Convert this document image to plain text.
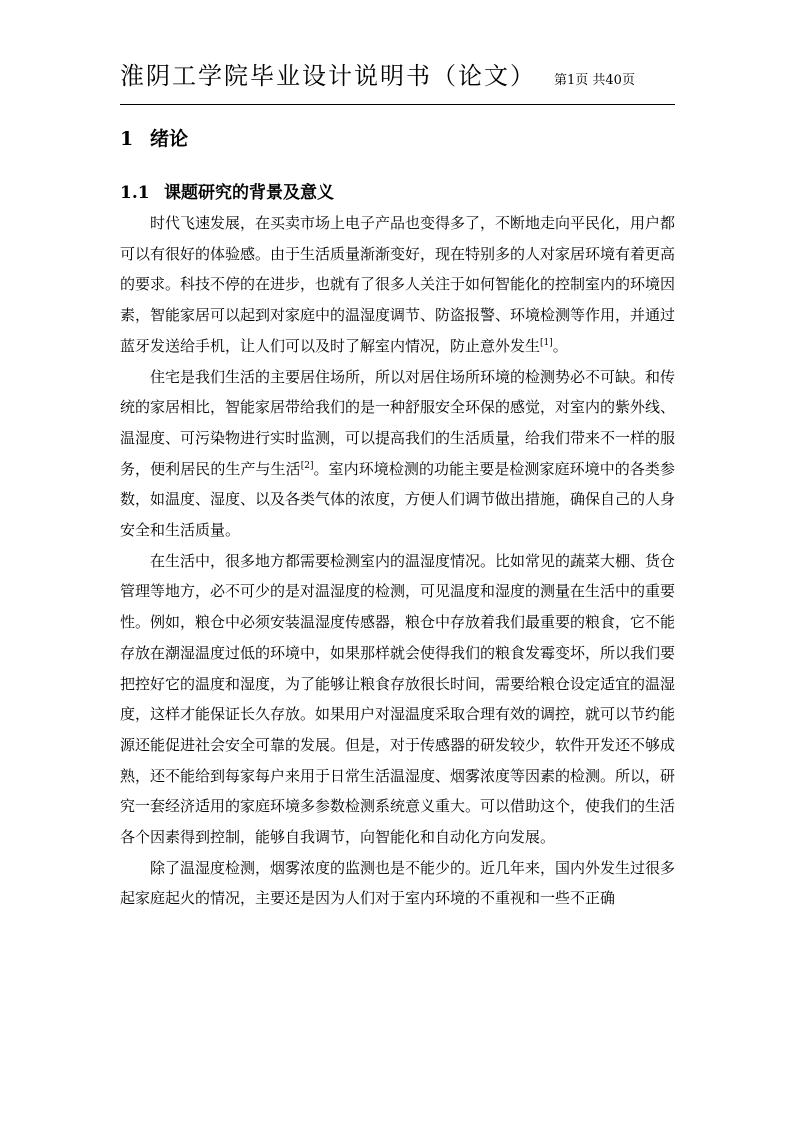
淮阴工学院毕业设计说明书（论文） 第1页 共40页
1 绪论
1.1 课题研究的背景及意义

时代飞速发展，在买卖市场上电子产品也变得多了，不断地走向平民化，用户都可以有很好的体验感。由于生活质量渐渐变好，现在特别多的人对家居环境有着更高的要求。科技不停的在进步，也就有了很多人关注于如何智能化的控制室内的环境因素，智能家居可以起到对家庭中的温湿度调节、防盗报警、环境检测等作用，并通过蓝牙发送给手机，让人们可以及时了解室内情况，防止意外发生[1]。

住宅是我们生活的主要居住场所，所以对居住场所环境的检测势必不可缺。和传统的家居相比，智能家居带给我们的是一种舒服安全环保的感觉，对室内的紫外线、温湿度、可污染物进行实时监测，可以提高我们的生活质量，给我们带来不一样的服务，便利居民的生产与生活[2]。室内环境检测的功能主要是检测家庭环境中的各类参数，如温度、湿度、以及各类气体的浓度，方便人们调节做出措施，确保自己的人身安全和生活质量。

在生活中，很多地方都需要检测室内的温湿度情况。比如常见的蔬菜大棚、货仓管理等地方，必不可少的是对温湿度的检测，可见温度和湿度的测量在生活中的重要性。例如，粮仓中必须安装温湿度传感器，粮仓中存放着我们最重要的粮食，它不能存放在潮湿温度过低的环境中，如果那样就会使得我们的粮食发霉变坏，所以我们要把控好它的温度和湿度，为了能够让粮食存放很长时间，需要给粮仓设定适宜的温湿度，这样才能保证长久存放。如果用户对湿温度采取合理有效的调控，就可以节约能源还能促进社会安全可靠的发展。但是，对于传感器的研发较少，软件开发还不够成熟，还不能给到每家每户来用于日常生活温湿度、烟雾浓度等因素的检测。所以，研究一套经济适用的家庭环境多参数检测系统意义重大。可以借助这个，使我们的生活各个因素得到控制，能够自我调节，向智能化和自动化方向发展。

除了温湿度检测，烟雾浓度的监测也是不能少的。近几年来，国内外发生过很多起家庭起火的情况，主要还是因为人们对于室内环境的不重视和一些不正确
